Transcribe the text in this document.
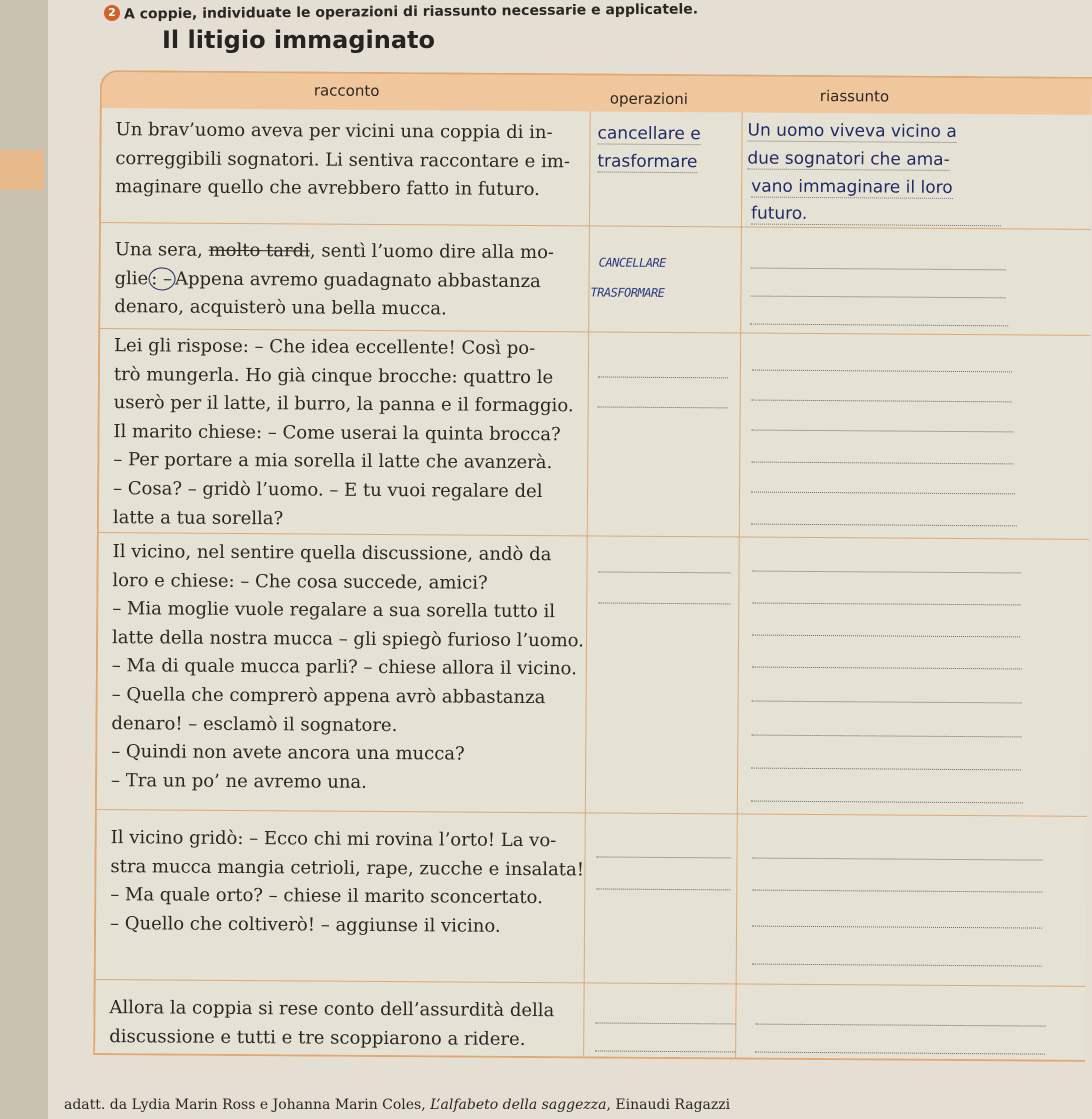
2 A coppie, individuate le operazioni di riassunto necessarie e applicatele.
Il litigio immaginato
racconto	operazioni	riassunto
Un brav’uomo aveva per vicini una coppia di in-
correggibili sognatori. Li sentiva raccontare e im-
maginare quello che avrebbero fatto in futuro.
cancellare e
trasformare
Un uomo viveva vicino a
due sognatori che ama-
vano immaginare il loro
futuro.
Una sera, molto tardi, sentì l’uomo dire alla mo-
glie : – Appena avremo guadagnato abbastanza
denaro, acquisterò una bella mucca.
CANCELLARE
TRASFORMARE
Lei gli rispose: – Che idea eccellente! Così po-
trò mungerla. Ho già cinque brocche: quattro le
userò per il latte, il burro, la panna e il formaggio.
Il marito chiese: – Come userai la quinta brocca?
– Per portare a mia sorella il latte che avanzerà.
– Cosa? – gridò l’uomo. – E tu vuoi regalare del
latte a tua sorella?
Il vicino, nel sentire quella discussione, andò da
loro e chiese: – Che cosa succede, amici?
– Mia moglie vuole regalare a sua sorella tutto il
latte della nostra mucca – gli spiegò furioso l’uomo.
– Ma di quale mucca parli? – chiese allora il vicino.
– Quella che comprerò appena avrò abbastanza
denaro! – esclamò il sognatore.
– Quindi non avete ancora una mucca?
– Tra un po’ ne avremo una.
Il vicino gridò: – Ecco chi mi rovina l’orto! La vo-
stra mucca mangia cetrioli, rape, zucche e insalata!
– Ma quale orto? – chiese il marito sconcertato.
– Quello che coltiverò! – aggiunse il vicino.
Allora la coppia si rese conto dell’assurdità della
discussione e tutti e tre scoppiarono a ridere.
adatt. da Lydia Marin Ross e Johanna Marin Coles, L’alfabeto della saggezza, Einaudi Ragazzi
